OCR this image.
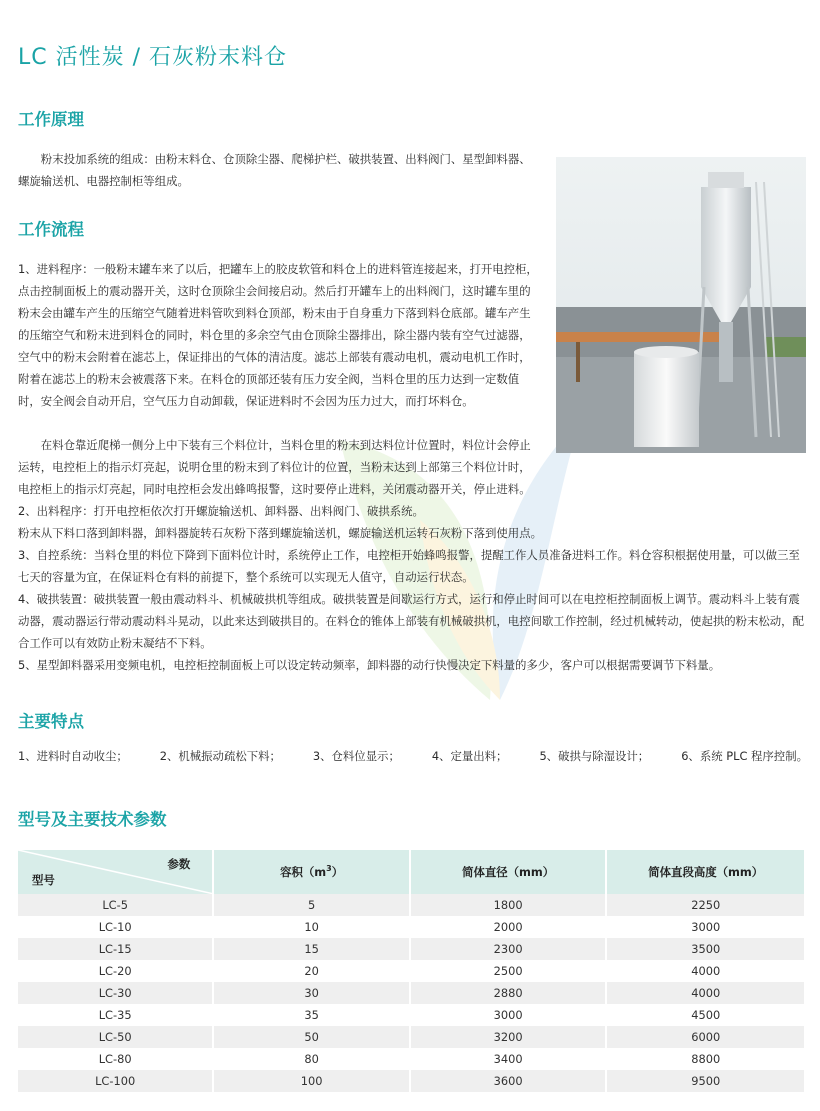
LC 活性炭 / 石灰粉末料仓
工作原理

粉末投加系统的组成：由粉末料仓、仓顶除尘器、爬梯护栏、破拱装置、出料阀门、星型卸料器、螺旋输送机、电器控制柜等组成。

工作流程

1、进料程序：一般粉末罐车来了以后，把罐车上的胶皮软管和料仓上的进料管连接起来，打开电控柜，点击控制面板上的震动器开关，这时仓顶除尘会间接启动。然后打开罐车上的出料阀门，这时罐车里的粉末会由罐车产生的压缩空气随着进料管吹到料仓顶部，粉末由于自身重力下落到料仓底部。罐车产生的压缩空气和粉末进到料仓的同时，料仓里的多余空气由仓顶除尘器排出，除尘器内装有空气过滤器，空气中的粉末会附着在滤芯上，保证排出的气体的清洁度。滤芯上部装有震动电机，震动电机工作时，附着在滤芯上的粉末会被震落下来。在料仓的顶部还装有压力安全阀，当料仓里的压力达到一定数值时，安全阀会自动开启，空气压力自动卸载，保证进料时不会因为压力过大，而打坏料仓。

在料仓靠近爬梯一侧分上中下装有三个料位计，当料仓里的粉末到达料位计位置时，料位计会停止运转，电控柜上的指示灯亮起，说明仓里的粉末到了料位计的位置，当粉末达到上部第三个料位计时，电控柜上的指示灯亮起，同时电控柜会发出蜂鸣报警，这时要停止进料，关闭震动器开关，停止进料。

2、出料程序：打开电控柜依次打开螺旋输送机、卸料器、出料阀门、破拱系统。

粉末从下料口落到卸料器，卸料器旋转石灰粉下落到螺旋输送机，螺旋输送机运转石灰粉下落到使用点。

3、自控系统：当料仓里的料位下降到下面料位计时，系统停止工作，电控柜开始蜂鸣报警，提醒工作人员准备进料工作。料仓容积根据使用量，可以做三至七天的容量为宜，在保证料仓有料的前提下，整个系统可以实现无人值守，自动运行状态。

4、破拱装置：破拱装置一般由震动料斗、机械破拱机等组成。破拱装置是间歇运行方式，运行和停止时间可以在电控柜控制面板上调节。震动料斗上装有震动器，震动器运行带动震动料斗晃动，以此来达到破拱目的。在料仓的锥体上部装有机械破拱机，电控间歇工作控制，经过机械转动，使起拱的粉末松动，配合工作可以有效防止粉末凝结不下料。

5、星型卸料器采用变频电机，电控柜控制面板上可以设定转动频率，卸料器的动行快慢决定下料量的多少，客户可以根据需要调节下料量。

主要特点
1、进料时自动收尘；	2、机械振动疏松下料；	3、仓料位显示；	4、定量出料；	5、破拱与除湿设计；	6、系统 PLC 程序控制。
型号及主要技术参数
参数
型号	容积$(m^3)$	简体直径（mm）	简体直段高度（mm）
LC-5	5	1800	2250
LC-10	10	2000	3000
LC-15	15	2300	3500
LC-20	20	2500	4000
LC-30	30	2880	4000
LC-35	35	3000	4500
LC-50	50	3200	6000
LC-80	80	3400	8800
LC-100	100	3600	9500
